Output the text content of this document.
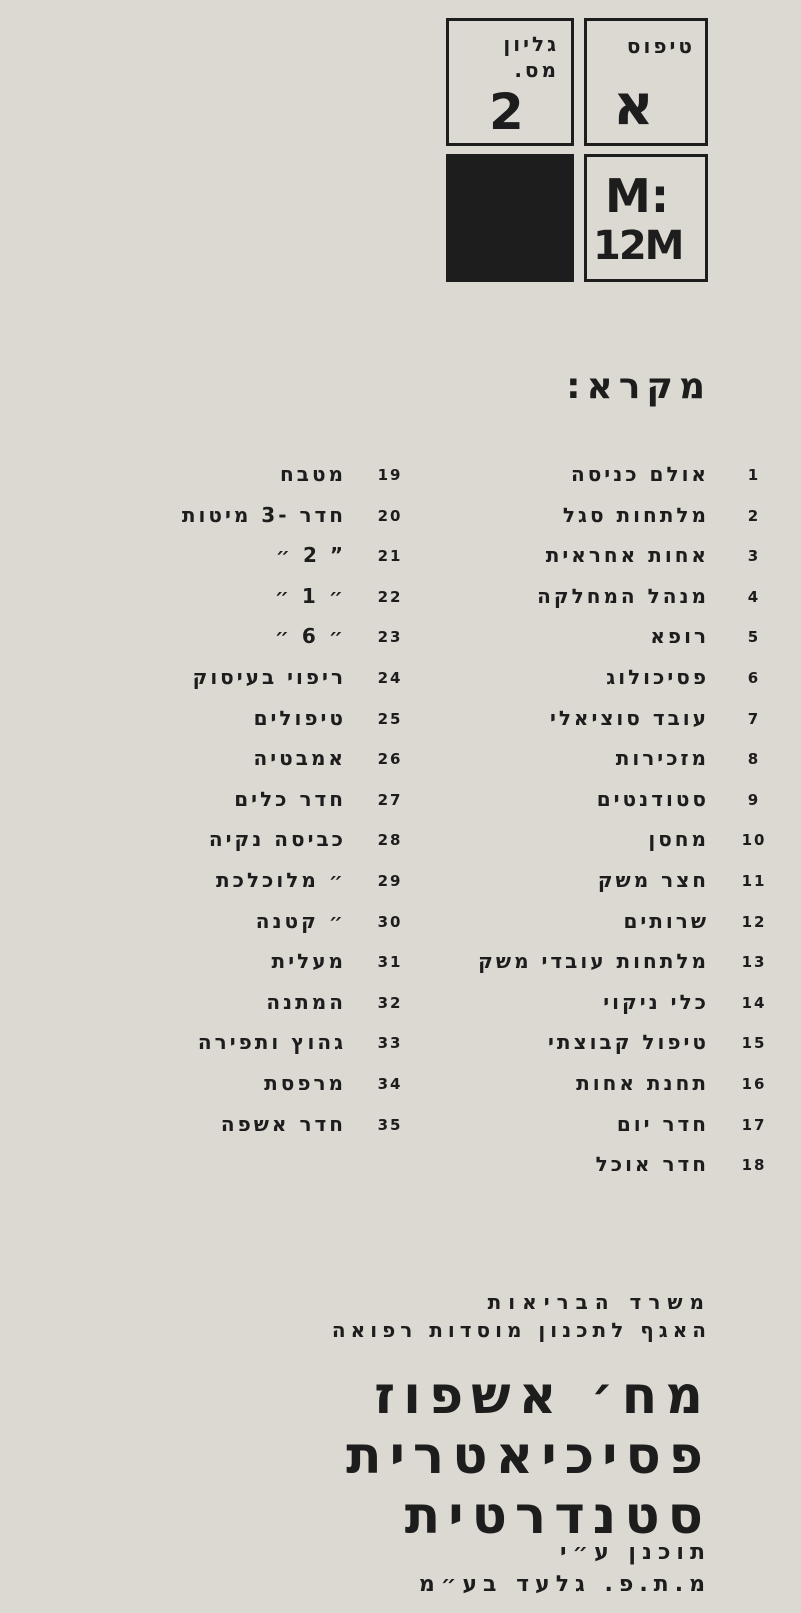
טיפוס
א
גליון מס.
2
M:
12M
מקרא:
1
אולם כניסה
2
מלתחות סגל
3
אחות אחראית
4
מנהל המחלקה
5
רופא
6
פסיכולוג
7
עובד סוציאלי
8
מזכירות
9
סטודנטים
10
מחסן
11
חצר משק
12
שרותים
13
מלתחות עובדי משק
14
כלי ניקוי
15
טיפול קבוצתי
16
תחנת אחות
17
חדר יום
18
חדר אוכל
19
מטבח
20
חדר -3 מיטות
21
” 2 ״
22
״ 1 ״
23
״ 6 ״
24
ריפוי בעיסוק
25
טיפולים
26
אמבטיה
27
חדר כלים
28
כביסה נקיה
29
״ מלוכלכת
30
״ קטנה
31
מעלית
32
המתנה
33
גהוץ ותפירה
34
מרפסת
35
חדר אשפה
משרד הבריאות
האגף לתכנון מוסדות רפואה
מח׳ אשפוז
פסיכיאטרית
סטנדרטית
תוכנן ע״י
מ.ת.פ. גלעד בע״מ
